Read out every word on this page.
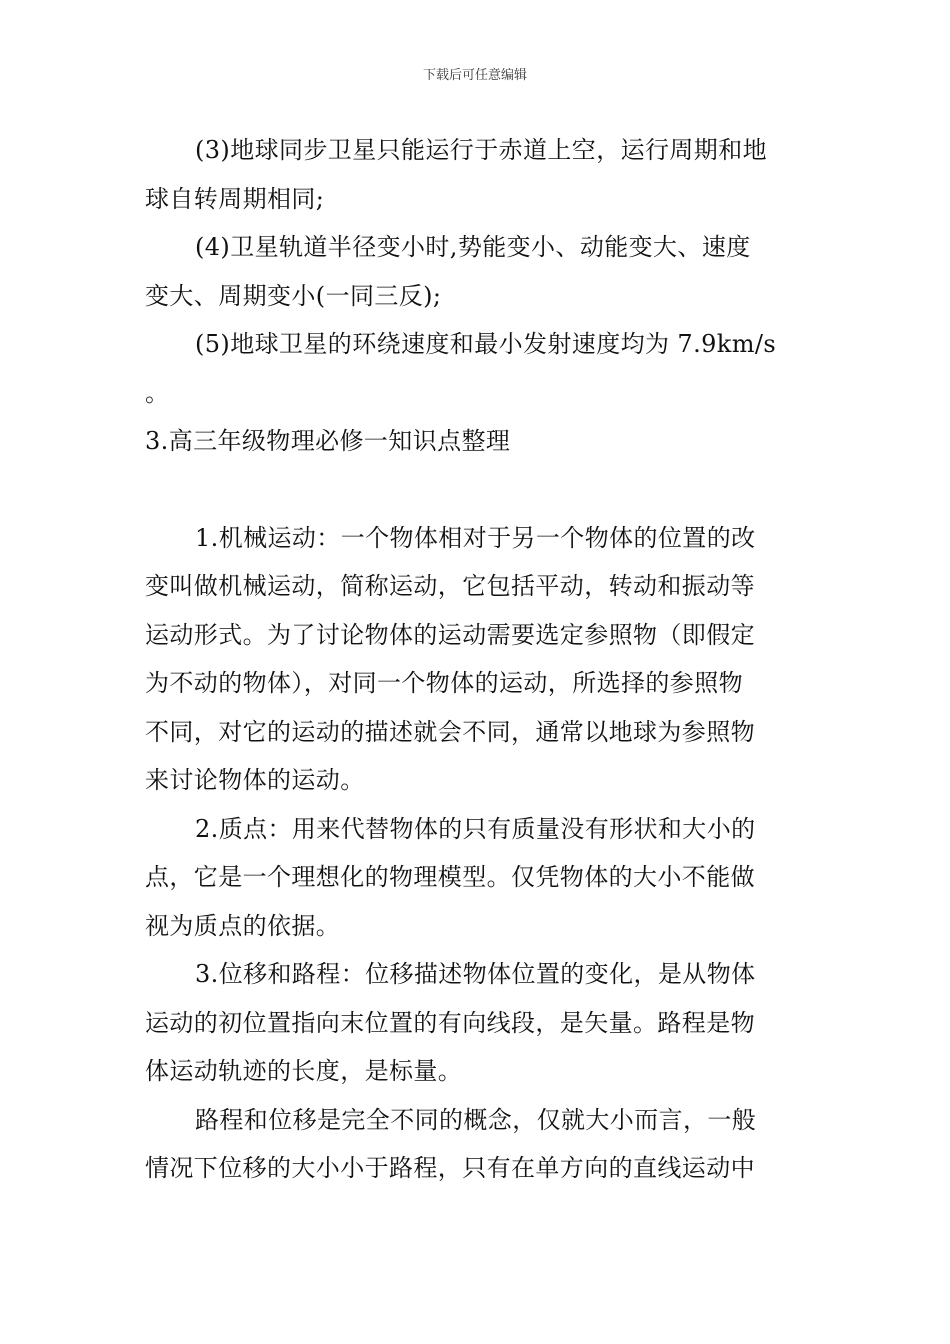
下载后可任意编辑
(3)地球同步卫星只能运行于赤道上空，运行周期和地
球自转周期相同;
(4)卫星轨道半径变小时,势能变小、动能变大、速度
变大、周期变小(一同三反);
(5)地球卫星的环绕速度和最小发射速度均为 7.9km/s
。
3.高三年级物理必修一知识点整理
1.机械运动：一个物体相对于另一个物体的位置的改
变叫做机械运动，简称运动，它包括平动，转动和振动等
运动形式。为了讨论物体的运动需要选定参照物（即假定
为不动的物体），对同一个物体的运动，所选择的参照物
不同，对它的运动的描述就会不同，通常以地球为参照物
来讨论物体的运动。
2.质点：用来代替物体的只有质量没有形状和大小的
点，它是一个理想化的物理模型。仅凭物体的大小不能做
视为质点的依据。
3.位移和路程：位移描述物体位置的变化，是从物体
运动的初位置指向末位置的有向线段，是矢量。路程是物
体运动轨迹的长度，是标量。
路程和位移是完全不同的概念，仅就大小而言，一般
情况下位移的大小小于路程，只有在单方向的直线运动中
